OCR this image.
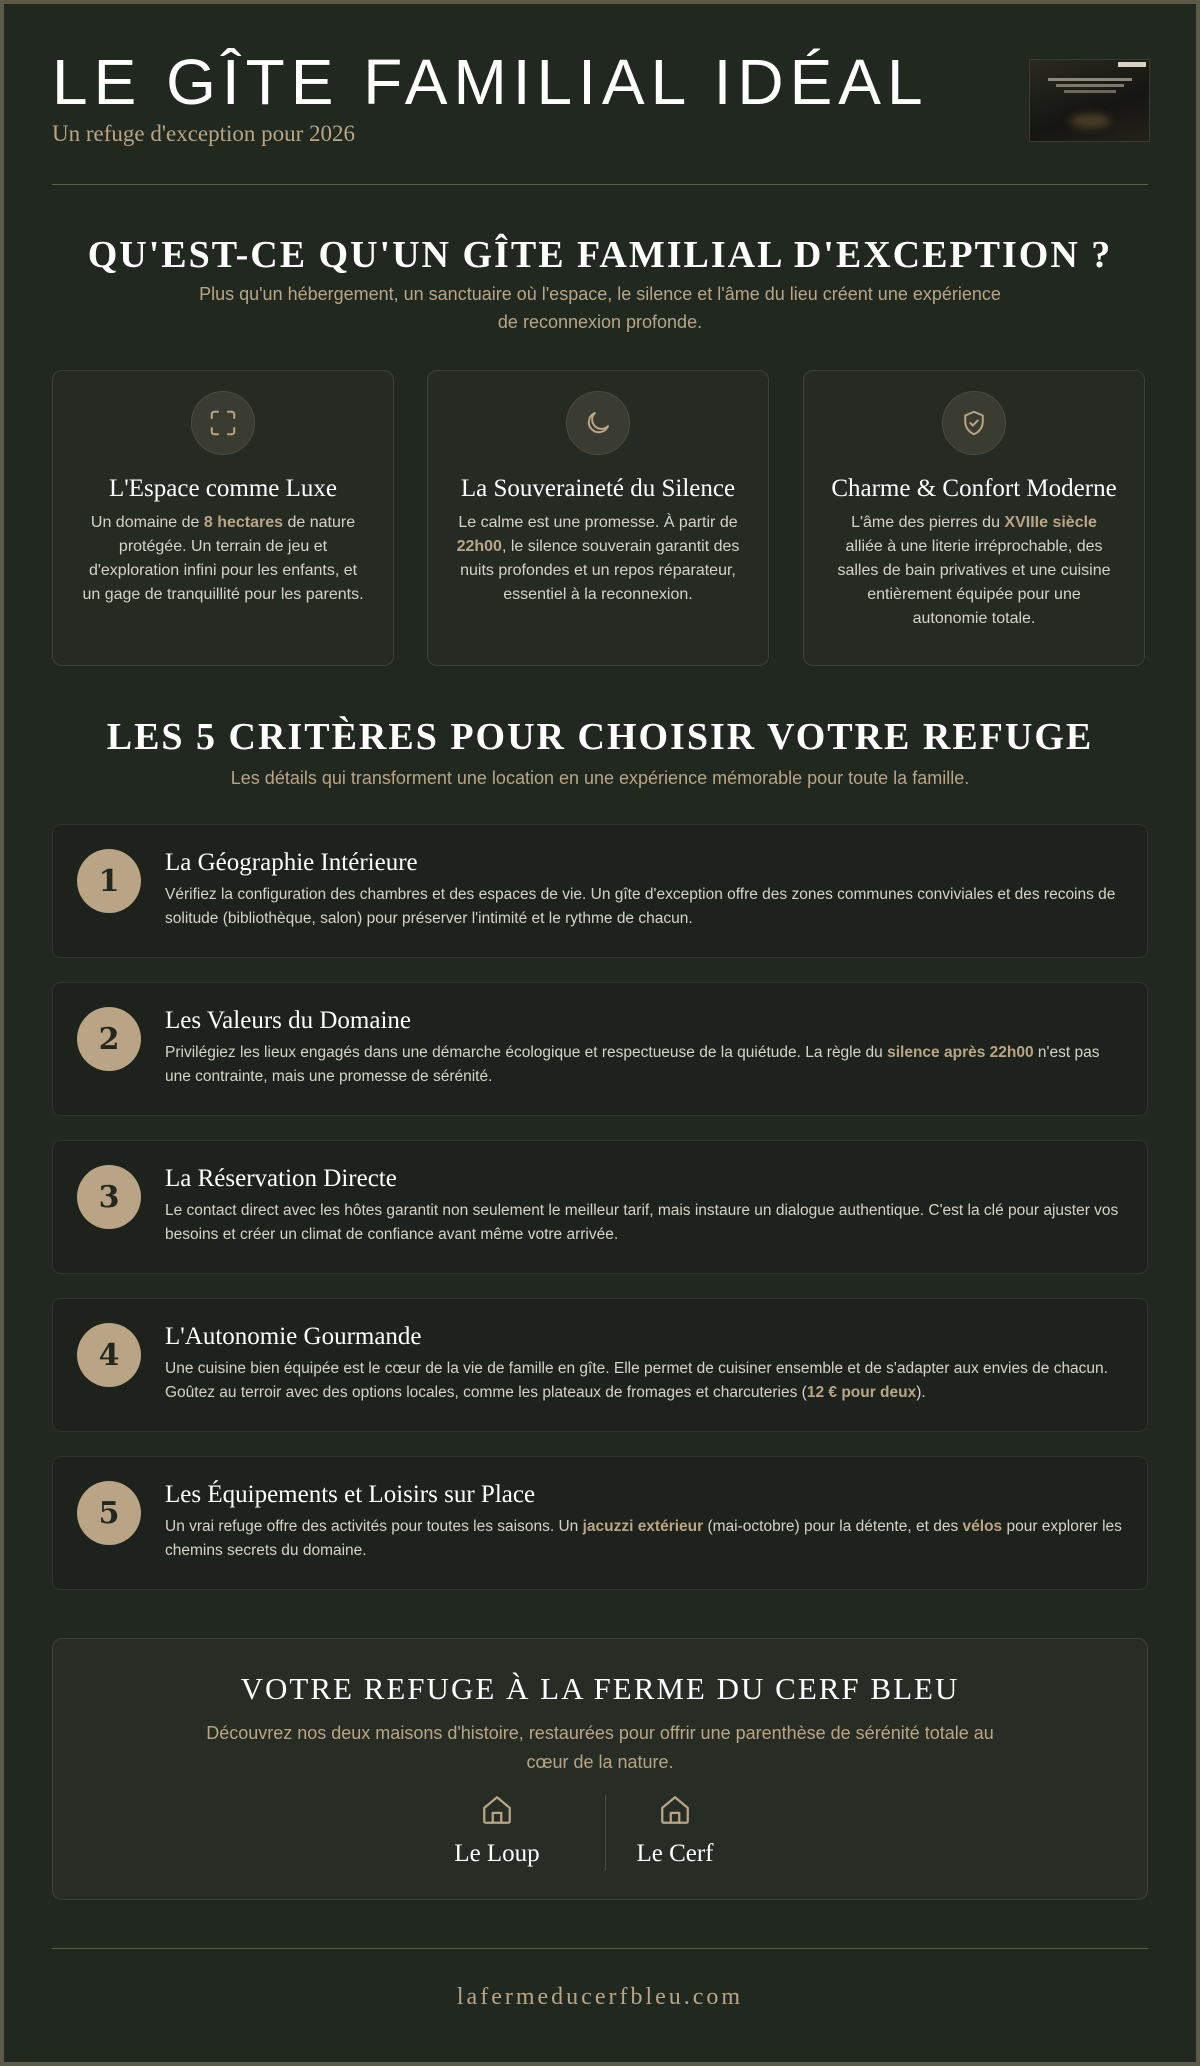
LE GÎTE FAMILIAL IDÉAL
Un refuge d'exception pour 2026
QU'EST-CE QU'UN GÎTE FAMILIAL D'EXCEPTION ?
Plus qu'un hébergement, un sanctuaire où l'espace, le silence et l'âme du lieu créent une expérience de reconnexion profonde.
L'Espace comme Luxe

Un domaine de 8 hectares de nature protégée. Un terrain de jeu et d'exploration infini pour les enfants, et un gage de tranquillité pour les parents.

La Souveraineté du Silence

Le calme est une promesse. À partir de 22h00, le silence souverain garantit des nuits profondes et un repos réparateur, essentiel à la reconnexion.

Charme & Confort Moderne

L'âme des pierres du XVIIIe siècle alliée à une literie irréprochable, des salles de bain privatives et une cuisine entièrement équipée pour une autonomie totale.

LES 5 CRITÈRES POUR CHOISIR VOTRE REFUGE
Les détails qui transforment une location en une expérience mémorable pour toute la famille.
1
La Géographie Intérieure

Vérifiez la configuration des chambres et des espaces de vie. Un gîte d'exception offre des zones communes conviviales et des recoins de solitude (bibliothèque, salon) pour préserver l'intimité et le rythme de chacun.

2
Les Valeurs du Domaine

Privilégiez les lieux engagés dans une démarche écologique et respectueuse de la quiétude. La règle du silence après 22h00 n'est pas une contrainte, mais une promesse de sérénité.

3
La Réservation Directe

Le contact direct avec les hôtes garantit non seulement le meilleur tarif, mais instaure un dialogue authentique. C'est la clé pour ajuster vos besoins et créer un climat de confiance avant même votre arrivée.

4
L'Autonomie Gourmande

Une cuisine bien équipée est le cœur de la vie de famille en gîte. Elle permet de cuisiner ensemble et de s'adapter aux envies de chacun. Goûtez au terroir avec des options locales, comme les plateaux de fromages et charcuteries (12 € pour deux).

5
Les Équipements et Loisirs sur Place

Un vrai refuge offre des activités pour toutes les saisons. Un jacuzzi extérieur (mai-octobre) pour la détente, et des vélos pour explorer les chemins secrets du domaine.

VOTRE REFUGE À LA FERME DU CERF BLEU
Découvrez nos deux maisons d'histoire, restaurées pour offrir une parenthèse de sérénité totale au cœur de la nature.
Le Loup	Le Cerf
lafermeducerfbleu.com
